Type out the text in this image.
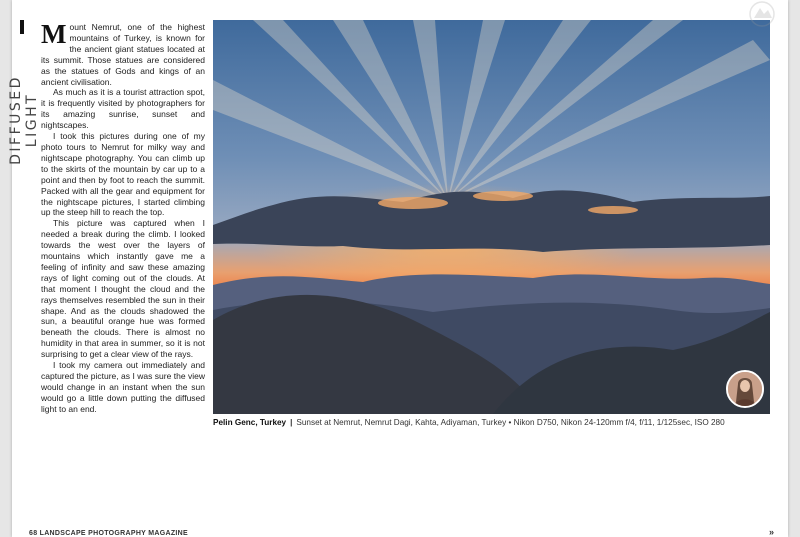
DIFFUSED LIGHT

Mount Nemrut, one of the highest mountains of Turkey, is known for the ancient giant statues located at its summit. Those statues are considered as the statues of Gods and kings of an ancient civilisation.

As much as it is a tourist attraction spot, it is frequently visited by photographers for its amazing sunrise, sunset and nightscapes.

I took this pictures during one of my photo tours to Nemrut for milky way and nightscape photography. You can climb up to the skirts of the mountain by car up to a point and then by foot to reach the summit. Packed with all the gear and equipment for the nightscape pictures, I started climbing up the steep hill to reach the top.

This picture was captured when I needed a break during the climb. I looked towards the west over the layers of mountains which instantly gave me a feeling of infinity and saw these amazing rays of light coming out of the clouds. At that moment I thought the cloud and the rays themselves resembled the sun in their shape. And as the clouds shadowed the sun, a beautiful orange hue was formed beneath the clouds. There is almost no humidity in that area in summer, so it is not surprising to get a clear view of the rays.

I took my camera out immediately and captured the picture, as I was sure the view would change in an instant when the sun would go a little down putting the diffused light to an end.

Pelin Genc, Turkey | Sunset at Nemrut, Nemrut Dagi, Kahta, Adiyaman, Turkey • Nikon D750, Nikon 24-120mm f/4, f/11, 1/125sec, ISO 280
68 LANDSCAPE PHOTOGRAPHY MAGAZINE	»
